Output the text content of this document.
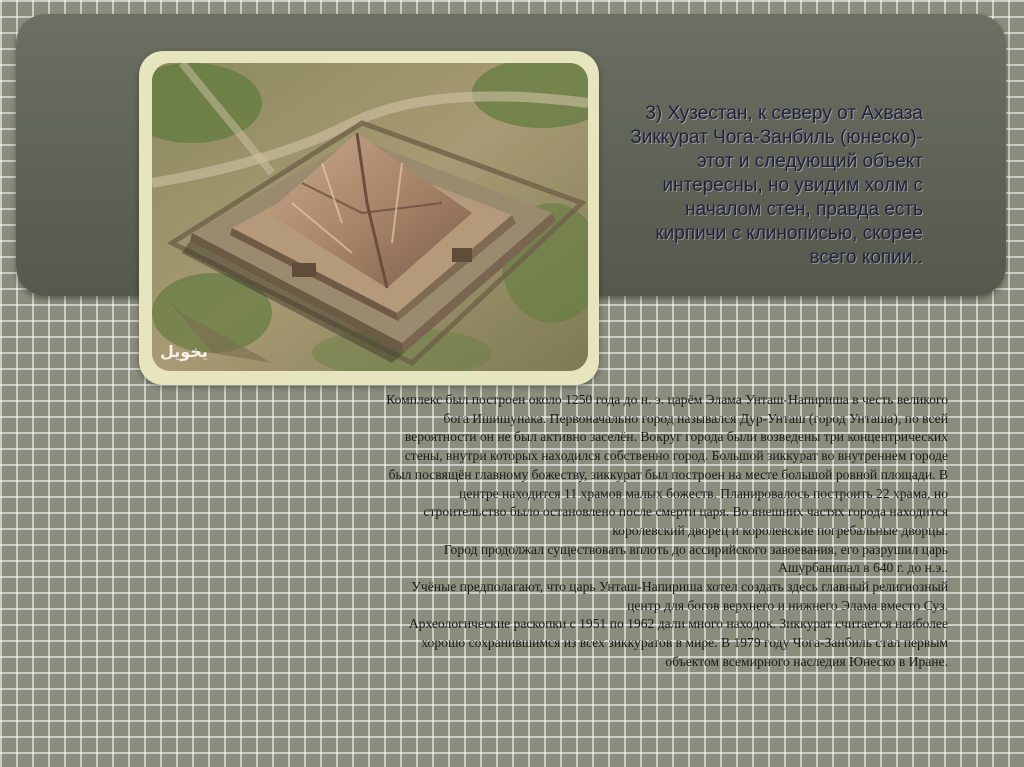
3) Хузестан, к северу от Ахваза
Зиккурат Чога-Занбиль (юнеско)-
этот и следующий объект
интересны, но увидим холм с
началом стен, правда есть
кирпичи с клинописью, скорее
всего копии..
ﻳﺨﻮﻳﻞ
Комплекс был построен около 1250 года до н. э. царём Элама Унташ-Напириша в честь великого
бога Ишишунака. Первоначально город назывался Дур-Унташ (город Унташа), по всей
вероятности он не был активно заселён. Вокруг города были возведены три концентрических
стены, внутри которых находился собственно город. Большой зиккурат во внутреннем городе
был посвящён главному божеству, зиккурат был построен на месте большой ровной площади. В
центре находится 11 храмов малых божеств. Планировалось построить 22 храма, но
строительство было остановлено после смерти царя. Во внешних частях города находится
королевский дворец и королевские погребальные дворцы.
Город продолжал существовать вплоть до ассирийского завоевания, его разрушил царь
Ашурбанипал в 640 г. до н.э..
Учёные предполагают, что царь Унташ-Напириша хотел создать здесь главный религиозный
центр для богов верхнего и нижнего Элама вместо Суз.
Археологические раскопки с 1951 по 1962 дали много находок. Зиккурат считается наиболее
хорошо сохранившимся из всех зиккуратов в мире. В 1979 году Чога-Занбиль стал первым
объектом всемирного наследия Юнеско в Иране.
